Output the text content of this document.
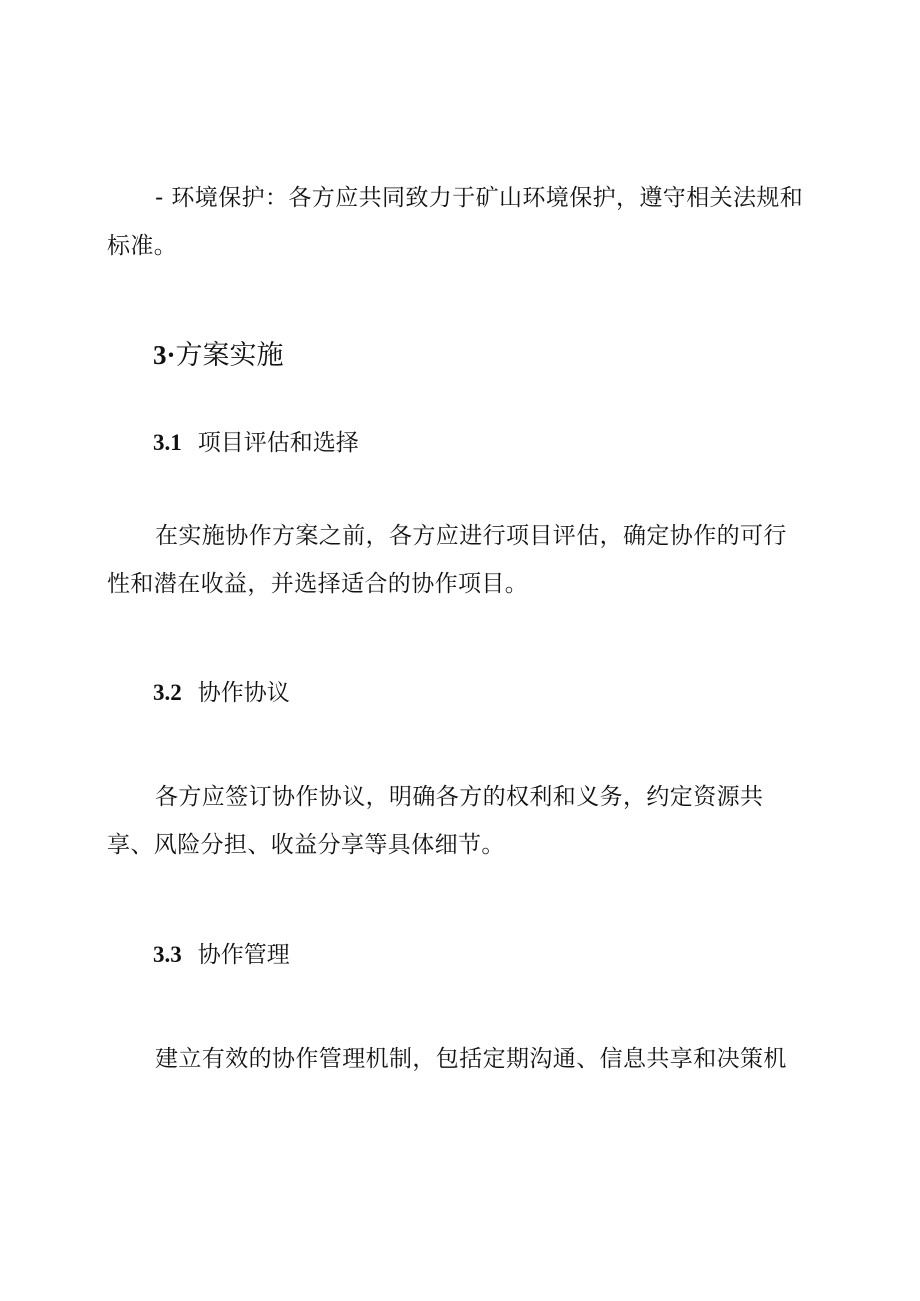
- 环境保护：各方应共同致力于矿山环境保护，遵守相关法规和标准。

3·方案实施
3.1 项目评估和选择

在实施协作方案之前，各方应进行项目评估，确定协作的可行性和潜在收益，并选择适合的协作项目。

3.2 协作协议

各方应签订协作协议，明确各方的权利和义务，约定资源共享、风险分担、收益分享等具体细节。

3.3 协作管理

建立有效的协作管理机制，包括定期沟通、信息共享和决策机
